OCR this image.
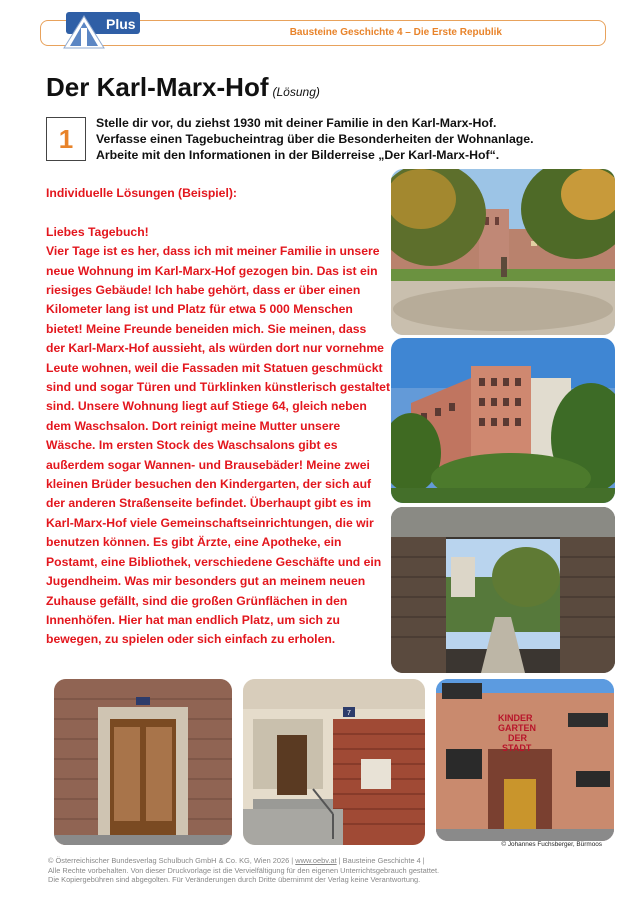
Plus
Bausteine Geschichte 4 – Die Erste Republik
Der Karl-Marx-Hof (Lösung)
1
Stelle dir vor, du ziehst 1930 mit deiner Familie in den Karl-Marx-Hof.
Verfasse einen Tagebucheintrag über die Besonderheiten der Wohnanlage.
Arbeite mit den Informationen in der Bilderreise „Der Karl-Marx-Hof“.
Individuelle Lösungen (Beispiel):
Liebes Tagebuch!
Vier Tage ist es her, dass ich mit meiner Familie in unsere
neue Wohnung im Karl-Marx-Hof gezogen bin. Das ist ein
riesiges Gebäude! Ich habe gehört, dass er über einen
Kilometer lang ist und Platz für etwa 5 000 Menschen
bietet! Meine Freunde beneiden mich. Sie meinen, dass
der Karl-Marx-Hof aussieht, als würden dort nur vornehme
Leute wohnen, weil die Fassaden mit Statuen geschmückt
sind und sogar Türen und Türklinken künstlerisch gestaltet
sind. Unsere Wohnung liegt auf Stiege 64, gleich neben
dem Waschsalon. Dort reinigt meine Mutter unsere
Wäsche. Im ersten Stock des Waschsalons gibt es
außerdem sogar Wannen- und Brausebäder! Meine zwei
kleinen Brüder besuchen den Kindergarten, der sich auf
der anderen Straßenseite befindet. Überhaupt gibt es im
Karl-Marx-Hof viele Gemeinschaftseinrichtungen, die wir
benutzen können. Es gibt Ärzte, eine Apotheke, ein
Postamt, eine Bibliothek, verschiedene Geschäfte und ein
Jugendheim. Was mir besonders gut an meinem neuen
Zuhause gefällt, sind die großen Grünflächen in den
Innenhöfen. Hier hat man endlich Platz, um sich zu
bewegen, zu spielen oder sich einfach zu erholen.
7	KINDER
GARTEN
DER
STADT
© Johannes Fuchsberger, Bürmoos
© Österreichischer Bundesverlag Schulbuch GmbH & Co. KG, Wien 2026 | www.oebv.at | Bausteine Geschichte 4 |
Alle Rechte vorbehalten. Von dieser Druckvorlage ist die Vervielfältigung für den eigenen Unterrichtsgebrauch gestattet.
Die Kopiergebühren sind abgegolten. Für Veränderungen durch Dritte übernimmt der Verlag keine Verantwortung.
